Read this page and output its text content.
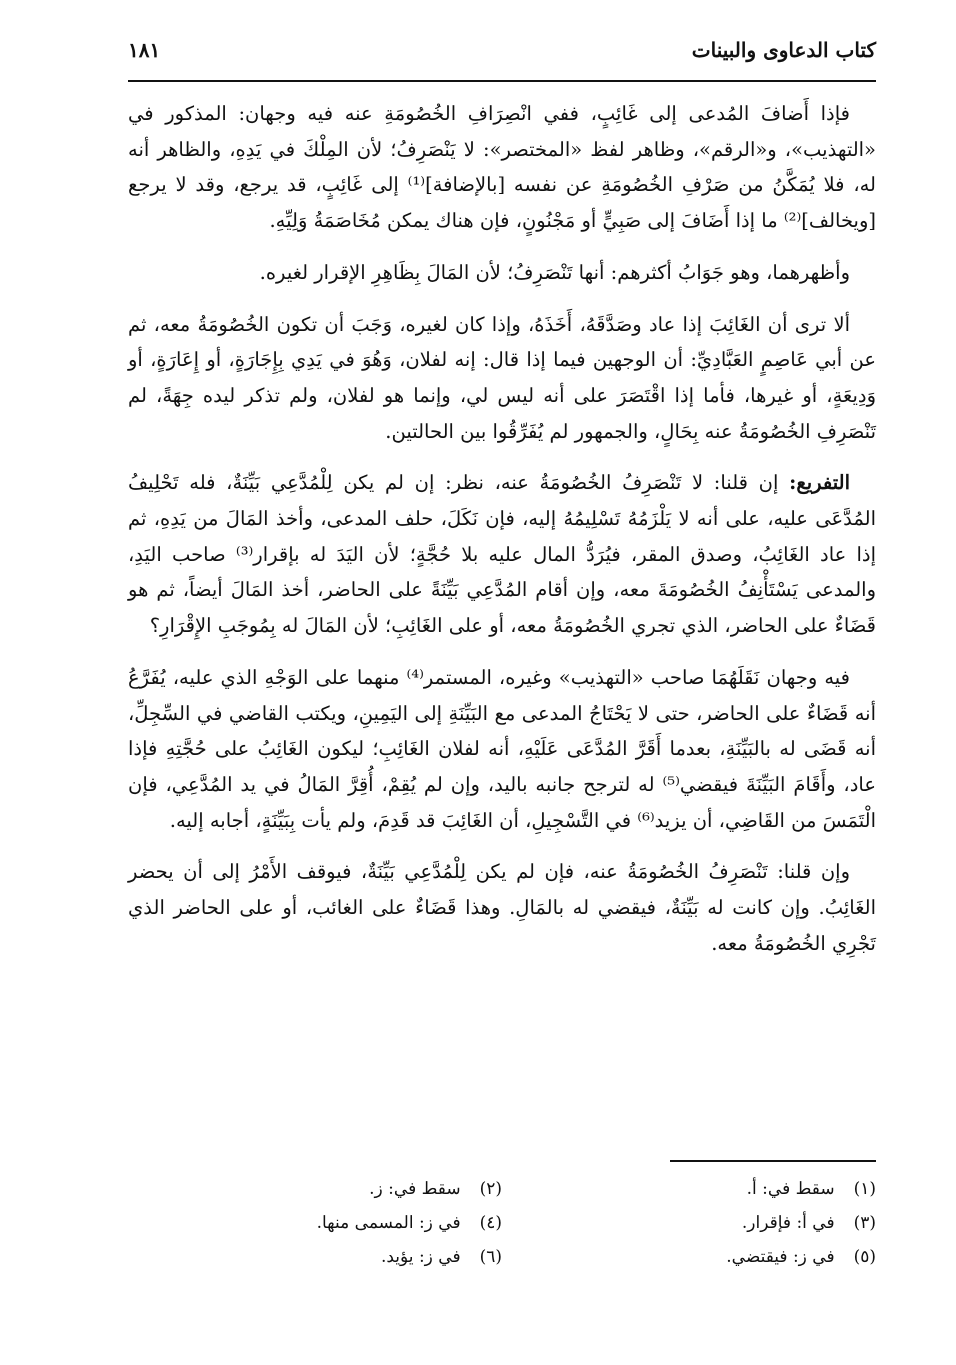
كتاب الدعاوى والبينات
١٨١

فإذا أَضافَ المُدعى إلى غَائِبٍ، ففي انْصِرَافِ الخُصُومَةِ عنه فيه وجهان: المذكور في «التهذيب»، و«الرقم»، وظاهر لفظ «المختصر»: لا يَنْصَرِفُ؛ لأن المِلْكَ في يَدِهِ، والظاهر أنه له، فلا يُمَكَّنُ من صَرْفِ الخُصُومَةِ عن نفسه [بالإضافة]⁽¹⁾ إلى غَائِبٍ، قد يرجع، وقد لا يرجع [ويخالف]⁽²⁾ ما إذا أَضَافَ إلى صَبِيٍّ أو مَجْنُونٍ، فإن هناك يمكن مُخَاصَمَةُ وَلِيِّهِ.

وأظهرهما، وهو جَوَابُ أكثرهم: أنها تَنْصَرِفُ؛ لأن المَالَ بِظَاهِرِ الإقرار لغيره.

ألا ترى أن الغَائِبَ إذا عاد وصَدَّقَهُ، أَخَذَهُ، وإذا كان لغيره، وَجَبَ أن تكون الخُصُومَةُ معه، ثم عن أبي عَاصِمٍ العَبَّادِيِّ: أن الوجهين فيما إذا قال: إنه لفلان، وَهُوَ في يَدِي بِإِجَارَةٍ، أو إِعَارَةٍ، أو وَدِيعَةٍ، أو غيرها، فأما إذا اقْتَصَرَ على أنه ليس لي، وإنما هو لفلان، ولم تذكر ليده جِهَةً، لم تَنْصَرِفِ الخُصُومَةُ عنه بِحَالٍ، والجمهور لم يُفَرِّقُوا بين الحالتين.

التفريع: إن قلنا: لا تَنْصَرِفُ الخُصُومَةُ عنه، نظر: إن لم يكن لِلْمُدَّعِي بَيِّنَةٌ، فله تَحْلِيفُ المُدَّعَى عليه، على أنه لا يَلْزَمُهُ تَسْلِيمُهُ إليه، فإن نَكَلَ، حلف المدعى، وأخذ المَالَ من يَدِهِ، ثم إذا عاد الغَائِبُ، وصدق المقر، فيُرَدُّ المال عليه بلا حُجَّةٍ؛ لأن اليَدَ له بإقرار⁽³⁾ صاحب اليَدِ، والمدعى يَسْتَأْنِفُ الخُصُومَةَ معه، وإن أقام المُدَّعِي بَيِّنَةً على الحاضر، أخذ المَالَ أيضاً، ثم هو قَضَاءٌ على الحاضر، الذي تجري الخُصُومَةُ معه، أو على الغَائِبِ؛ لأن المَالَ له بِمُوجَبِ الإِقْرَارِ؟

فيه وجهان نَقَلَهُمَا صاحب «التهذيب» وغيره، المستمر⁽⁴⁾ منهما على الوَجْهِ الذي عليه، يُفَرَّعُ أنه قَضَاءٌ على الحاضر، حتى لا يَحْتَاجُ المدعى مع البَيِّنَةِ إلى اليَمِينِ، ويكتب القاضي في السِّجِلِّ، أنه قَضَى له بالبَيِّنَةِ، بعدما أَقَرَّ المُدَّعَى عَلَيْهِ، أنه لفلان الغَائِبِ؛ ليكون الغَائِبُ على حُجَّتِهِ فإذا عاد، وأَقَامَ البَيِّنَةَ فيقضي⁽⁵⁾ له لترجح جانبه باليد، وإن لم يُقِمْ، أُقِرَّ المَالُ في يد المُدَّعِي، فإن الْتَمَسَ من القَاضِي، أن يزيد⁽⁶⁾ في التَّسْجِيلِ، أن الغَائِبَ قد قَدِمَ، ولم يأت بِبَيِّنَةٍ، أجابه إليه.

وإن قلنا: تَنْصَرِفُ الخُصُومَةُ عنه، فإن لم يكن لِلْمُدَّعِي بَيِّنَةٌ، فيوقف الأَمْرُ إلى أن يحضر الغَائِبُ. وإن كانت له بَيِّنَةٌ، فيقضي له بالمَالِ. وهذا قَضَاءٌ على الغائب، أو على الحاضر الذي تَجْرِي الخُصُومَةُ معه.

(١) سقط في: أ.
(٢) سقط في: ز.
(٣) في أ: فإقرار.
(٤) في ز: المسمى منها.
(٥) في ز: فيقتضي.
(٦) في ز: يؤيد.
